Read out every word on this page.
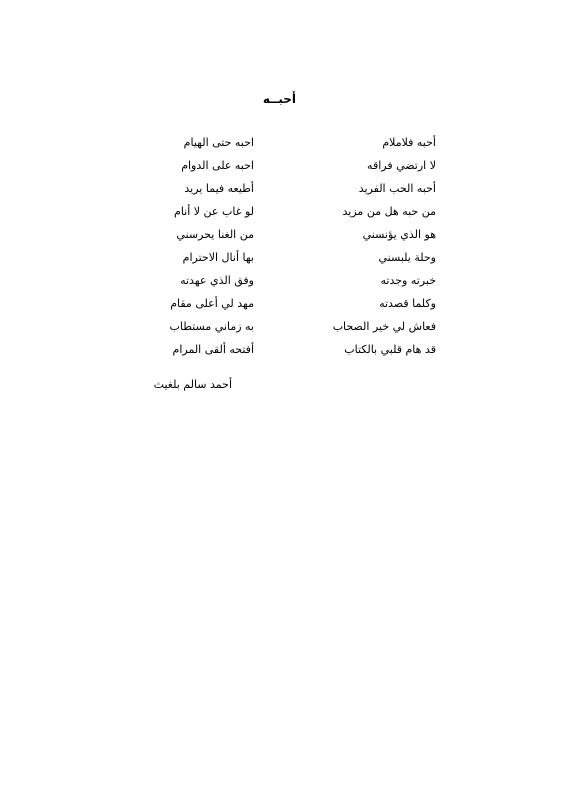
أحبــه
أحبه فلاملام
احبه حتى الهيام
لا ارتضي فراقه
احبه على الدوام
أحبه الحب الفريد
أطيعه فيما يريد
من حبه هل من مزيد
لو غاب عن لا أنام
هو الذي يؤنسني
من الغنا يحرسني
وحلة يلبسني
بها أنال الاحترام
خبرته وجدته
وفق الذي عهدته
وكلما قصدته
مهد لي أعلى مقام
فعاش لي خير الصحاب
به زماني مستطاب
قد هام قلبي بالكتاب
أفتحه ألقى المرام
أحمد سالم بلغيث
